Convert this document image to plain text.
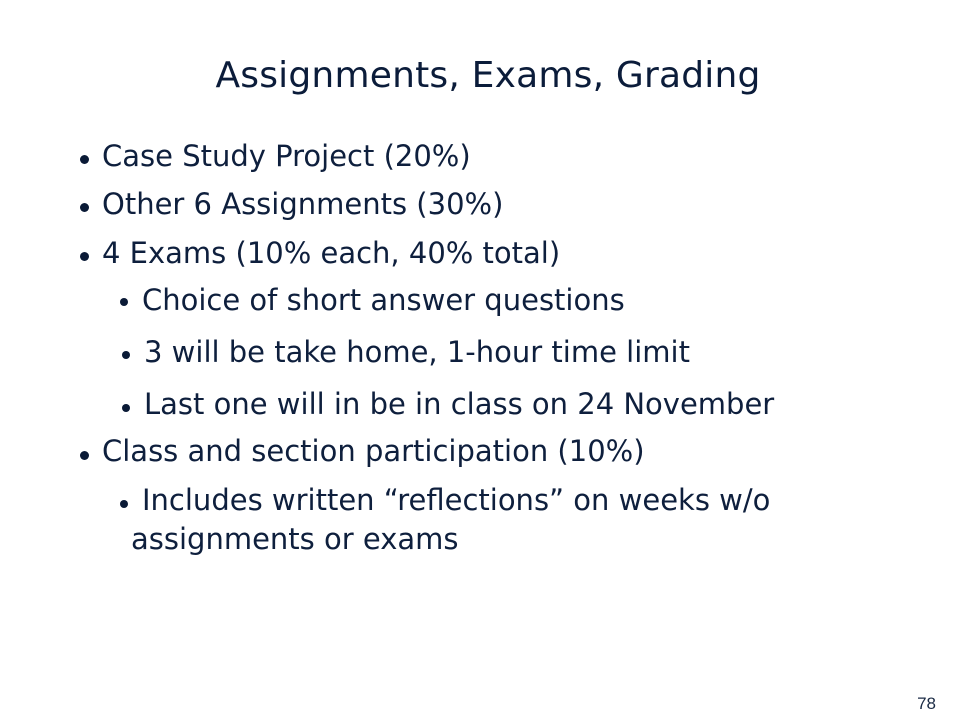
Assignments, Exams, Grading
Case Study Project (20%)
Other 6 Assignments (30%)
4 Exams (10% each, 40% total)
Choice of short answer questions
3 will be take home, 1-hour time limit
Last one will in be in class on 24 November
Class and section participation (10%)
Includes written “reflections” on weeks w/o
assignments or exams
78
